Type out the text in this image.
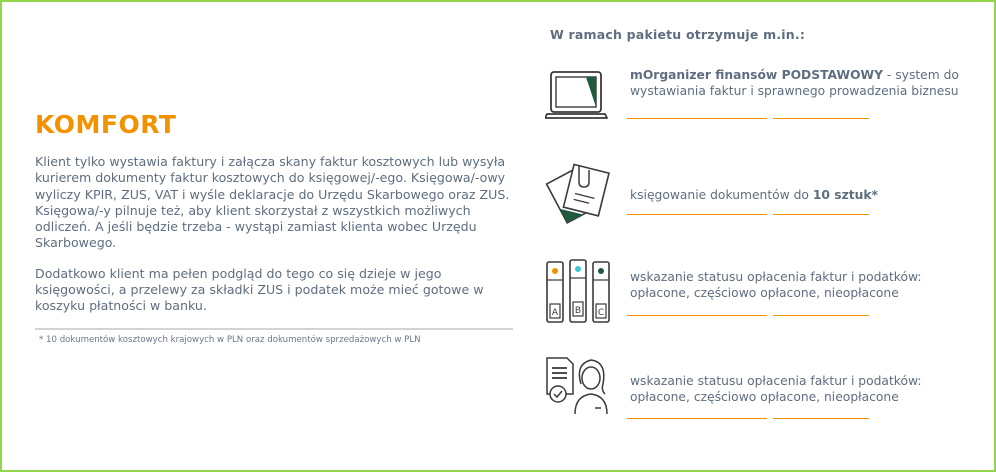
KOMFORT

Klient tylko wystawia faktury i załącza skany faktur kosztowych lub wysyła kurierem dokumenty faktur kosztowych do księgowej/-ego. Księgowa/-owy wyliczy KPIR, ZUS, VAT i wyśle deklaracje do Urzędu Skarbowego oraz ZUS. Księgowa/-y pilnuje też, aby klient skorzystał z wszystkich możliwych odliczeń. A jeśli będzie trzeba - wystąpi zamiast klienta wobec Urzędu Skarbowego.

Dodatkowo klient ma pełen podgląd do tego co się dzieje w jego księgowości, a przelewy za składki ZUS i podatek może mieć gotowe w koszyku płatności w banku.

* 10 dokumentów kosztowych krajowych w PLN oraz dokumentów sprzedażowych w PLN
W ramach pakietu otrzymuje m.in.:
mOrganizer finansów PODSTAWOWY - system do wystawiania faktur i sprawnego prowadzenia biznesu
księgowanie dokumentów do 10 sztuk*
A B C
wskazanie statusu opłacenia faktur i podatków: opłacone, częściowo opłacone, nieopłacone
wskazanie statusu opłacenia faktur i podatków: opłacone, częściowo opłacone, nieopłacone
